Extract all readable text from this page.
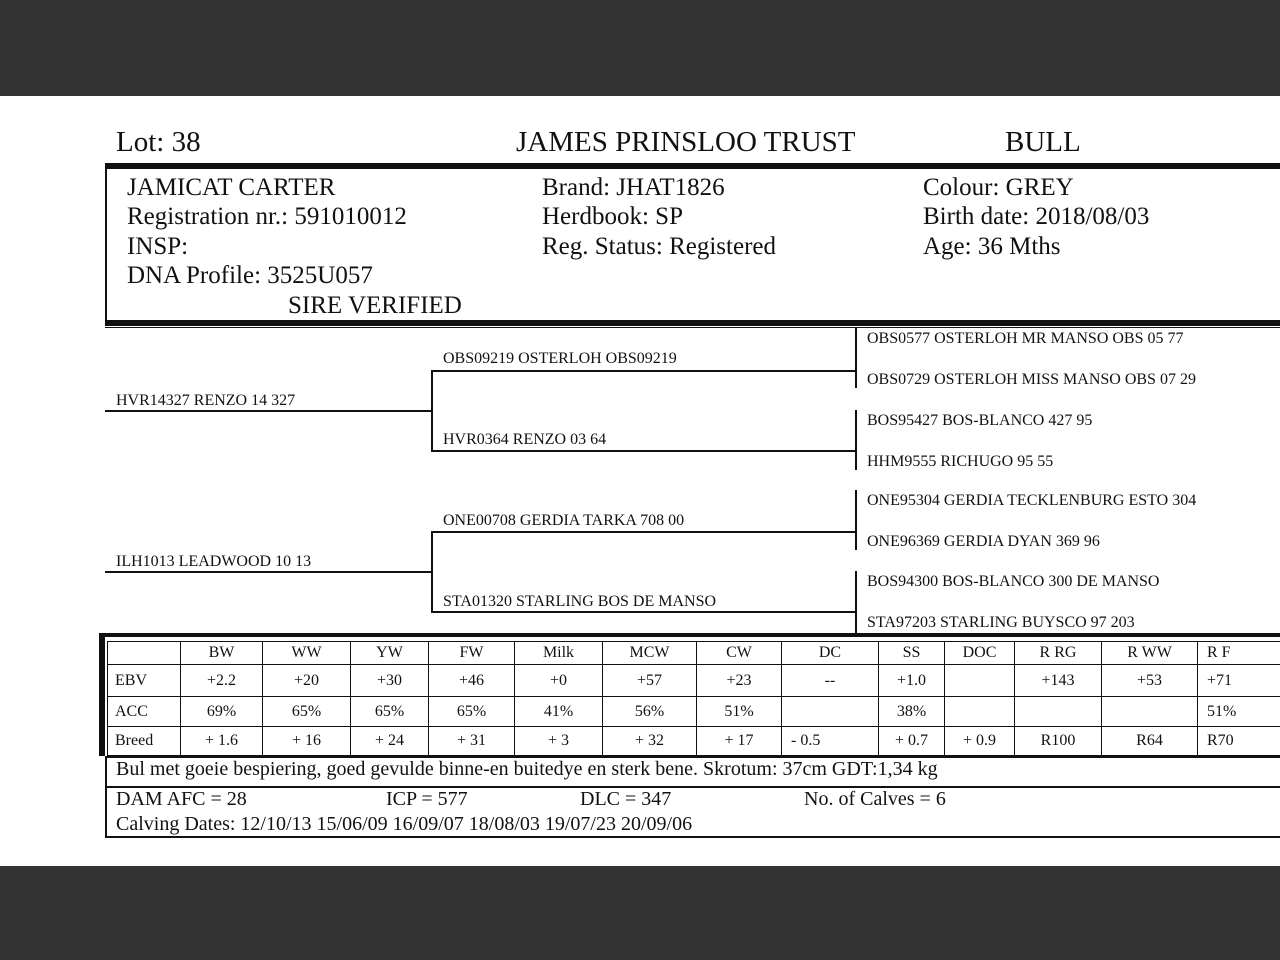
Lot: 38	JAMES PRINSLOO TRUST	BULL
JAMICAT CARTER
Registration nr.: 591010012
INSP:
DNA Profile: 3525U057
SIRE VERIFIED
Brand: JHAT1826
Herdbook: SP
Reg. Status: Registered
Colour: GREY
Birth date: 2018/08/03
Age: 36 Mths
HVR14327 RENZO 14 327
ILH1013 LEADWOOD 10 13
OBS09219 OSTERLOH OBS09219
HVR0364 RENZO 03 64
ONE00708 GERDIA TARKA 708 00
STA01320 STARLING BOS DE MANSO
OBS0577 OSTERLOH MR MANSO OBS 05 77
OBS0729 OSTERLOH MISS MANSO OBS 07 29
BOS95427 BOS-BLANCO 427 95
HHM9555 RICHUGO 95 55
ONE95304 GERDIA TECKLENBURG ESTO 304
ONE96369 GERDIA DYAN 369 96
BOS94300 BOS-BLANCO 300 DE MANSO
STA97203 STARLING BUYSCO 97 203
	BW	WW	YW	FW	Milk	MCW	CW	DC	SS	DOC	R RG	R WW	R F
EBV	+2.2	+20	+30	+46	+0	+57	+23	--	+1.0		+143	+53	+71
ACC	69%	65%	65%	65%	41%	56%	51%		38%				51%
Breed	+ 1.6	+ 16	+ 24	+ 31	+ 3	+ 32	+ 17	- 0.5	+ 0.7	+ 0.9	R100	R64	R70
Bul met goeie bespiering, goed gevulde binne-en buitedye en sterk bene. Skrotum: 37cm GDT:1,34 kg
DAM AFC = 28	ICP = 577	DLC = 347	No. of Calves = 6
Calving Dates: 12/10/13 15/06/09 16/09/07 18/08/03 19/07/23 20/09/06
